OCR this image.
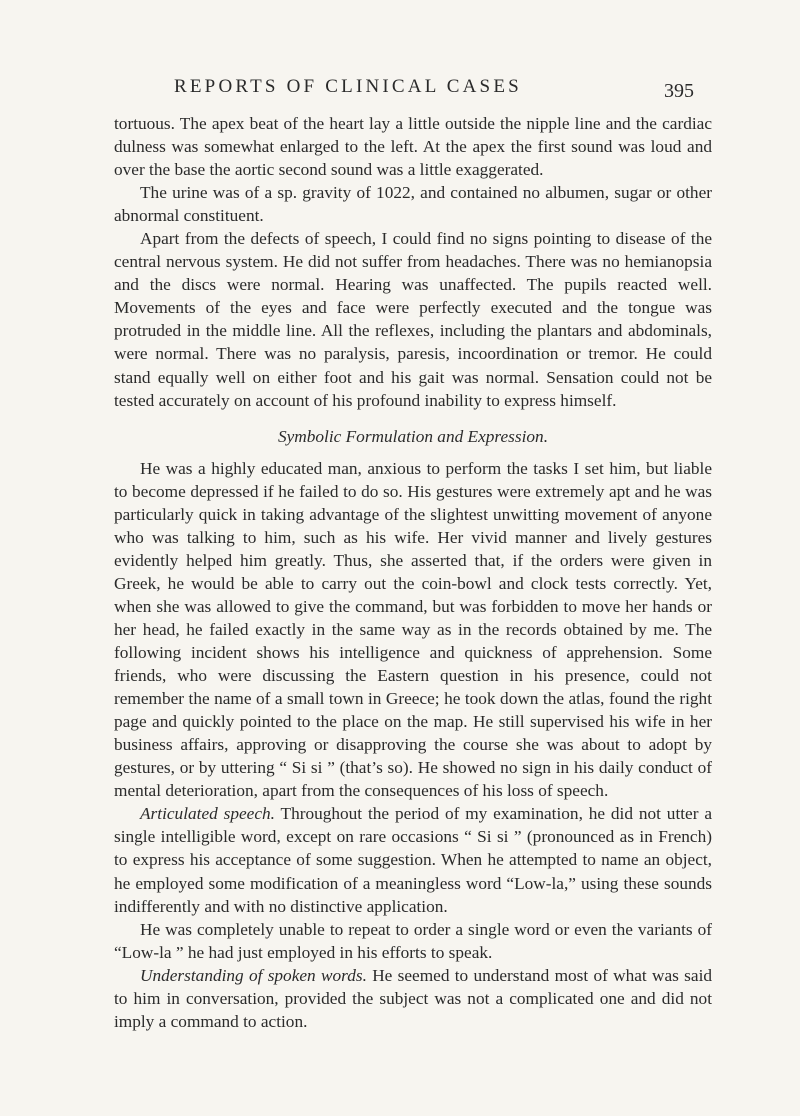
REPORTS OF CLINICAL CASES	395

tortuous. The apex beat of the heart lay a little outside the nipple line and the cardiac dulness was somewhat enlarged to the left. At the apex the first sound was loud and over the base the aortic second sound was a little exaggerated.

The urine was of a sp. gravity of 1022, and contained no albumen, sugar or other abnormal constituent.

Apart from the defects of speech, I could find no signs pointing to disease of the central nervous system. He did not suffer from headaches. There was no hemianopsia and the discs were normal. Hearing was unaffected. The pupils reacted well. Movements of the eyes and face were perfectly executed and the tongue was protruded in the middle line. All the reflexes, including the plantars and abdominals, were normal. There was no paralysis, paresis, incoordination or tremor. He could stand equally well on either foot and his gait was normal. Sensation could not be tested accurately on account of his profound inability to express himself.

Symbolic Formulation and Expression.

He was a highly educated man, anxious to perform the tasks I set him, but liable to become depressed if he failed to do so. His gestures were extremely apt and he was particularly quick in taking advantage of the slightest unwitting movement of anyone who was talking to him, such as his wife. Her vivid manner and lively gestures evidently helped him greatly. Thus, she asserted that, if the orders were given in Greek, he would be able to carry out the coin-bowl and clock tests correctly. Yet, when she was allowed to give the command, but was forbidden to move her hands or her head, he failed exactly in the same way as in the records obtained by me. The following incident shows his intelligence and quickness of apprehension. Some friends, who were discussing the Eastern question in his presence, could not remember the name of a small town in Greece; he took down the atlas, found the right page and quickly pointed to the place on the map. He still supervised his wife in her business affairs, approving or disapproving the course she was about to adopt by gestures, or by uttering “ Si si ” (that’s so). He showed no sign in his daily conduct of mental deterioration, apart from the consequences of his loss of speech.

Articulated speech. Throughout the period of my examination, he did not utter a single intelligible word, except on rare occasions “ Si si ” (pronounced as in French) to express his acceptance of some suggestion. When he attempted to name an object, he employed some modification of a meaningless word “Low-la,” using these sounds indifferently and with no distinctive application.

He was completely unable to repeat to order a single word or even the variants of “Low-la ” he had just employed in his efforts to speak.

Understanding of spoken words. He seemed to understand most of what was said to him in conversation, provided the subject was not a complicated one and did not imply a command to action.
